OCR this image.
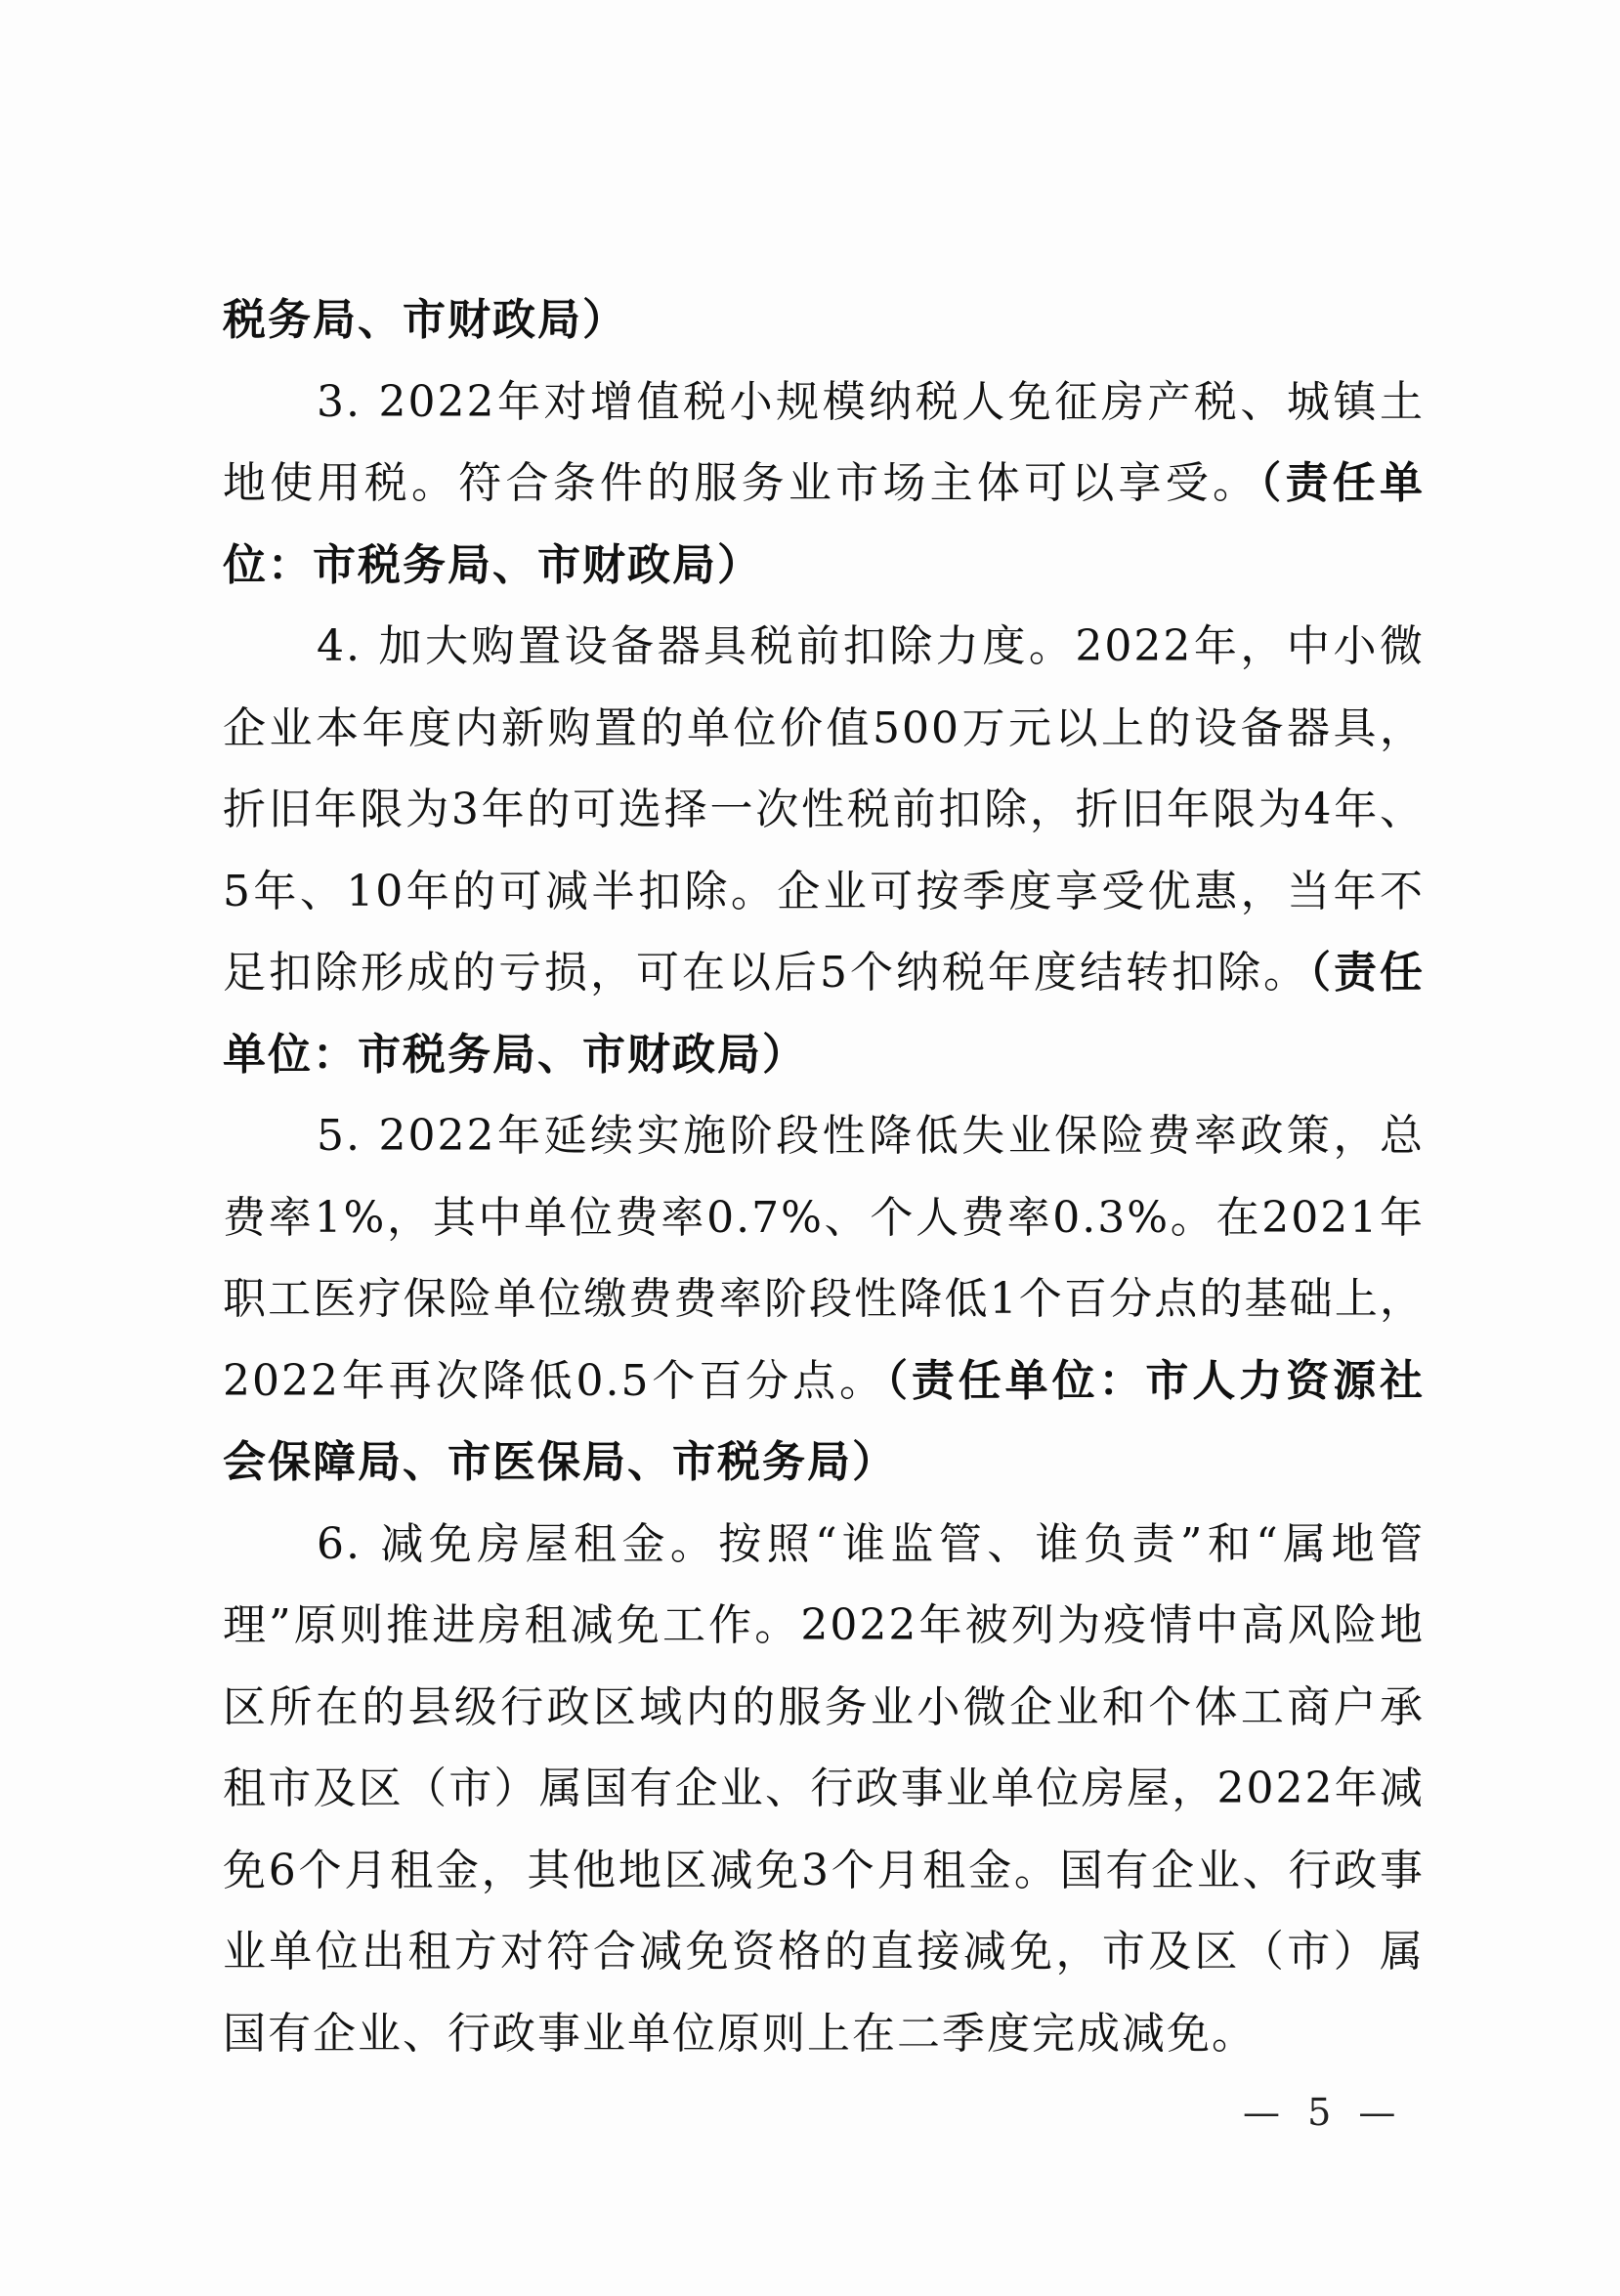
税务局、市财政局）

3. 2022年对增值税小规模纳税人免征房产税、城镇土地使用税。符合条件的服务业市场主体可以享受。（责任单位：市税务局、市财政局）

4. 加大购置设备器具税前扣除力度。2022年，中小微企业本年度内新购置的单位价值500万元以上的设备器具，折旧年限为3年的可选择一次性税前扣除，折旧年限为4年、5年、10年的可减半扣除。企业可按季度享受优惠，当年不足扣除形成的亏损，可在以后5个纳税年度结转扣除。（责任单位：市税务局、市财政局）

5. 2022年延续实施阶段性降低失业保险费率政策，总费率1%，其中单位费率0.7%、个人费率0.3%。在2021年职工医疗保险单位缴费费率阶段性降低1个百分点的基础上，2022年再次降低0.5个百分点。（责任单位：市人力资源社会保障局、市医保局、市税务局）

6. 减免房屋租金。按照“谁监管、谁负责”和“属地管理”原则推进房租减免工作。2022年被列为疫情中高风险地区所在的县级行政区域内的服务业小微企业和个体工商户承租市及区（市）属国有企业、行政事业单位房屋，2022年减免6个月租金，其他地区减免3个月租金。国有企业、行政事业单位出租方对符合减免资格的直接减免，市及区（市）属国有企业、行政事业单位原则上在二季度完成减免。

— 5 —
